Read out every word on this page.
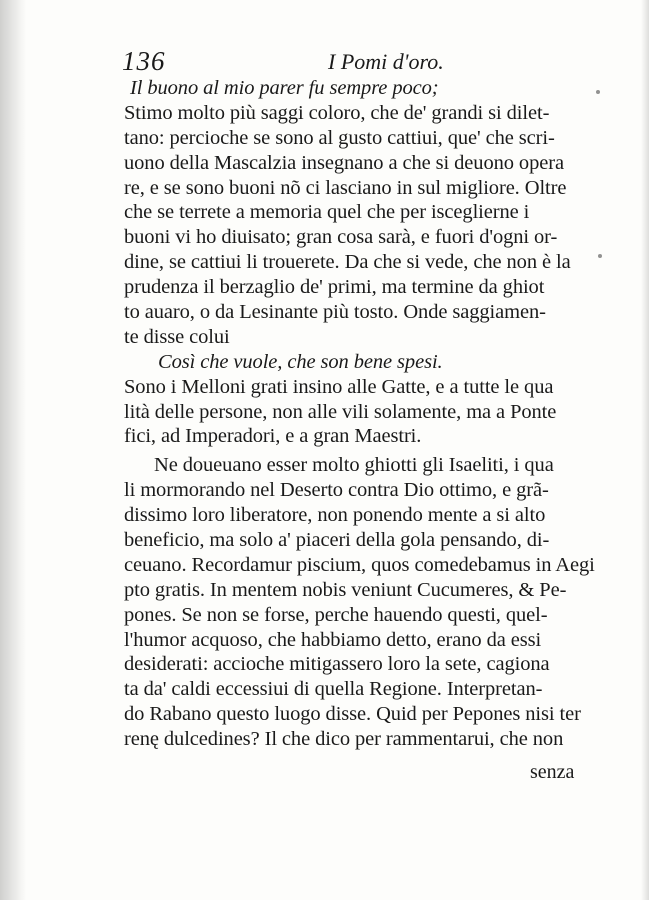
136	I Pomi d'oro.
Il buono al mio parer fu sempre poco;
Stimo molto più saggi coloro, che de' grandi si dilet-
tano: percioche se sono al gusto cattiui, que' che scri-
uono della Mascalzia insegnano a che si deuono opera
re, e se sono buoni nõ ci lasciano in sul migliore. Oltre
che se terrete a memoria quel che per isceglierne i
buoni vi ho diuisato; gran cosa sarà, e fuori d'ogni or-
dine, se cattiui li trouerete. Da che si vede, che non è la
prudenza il berzaglio de' primi, ma termine da ghiot
to auaro, o da Lesinante più tosto. Onde saggiamen-
te disse colui
Così che vuole, che son bene spesi.
Sono i Melloni grati insino alle Gatte, e a tutte le qua
lità delle persone, non alle vili solamente, ma a Ponte
fici, ad Imperadori, e a gran Maestri.
Ne doueuano esser molto ghiotti gli Isaeliti, i qua
li mormorando nel Deserto contra Dio ottimo, e grã-
dissimo loro liberatore, non ponendo mente a si alto
beneficio, ma solo a' piaceri della gola pensando, di-
ceuano. Recordamur piscium, quos comedebamus in Aegi
pto gratis. In mentem nobis veniunt Cucumeres, & Pe-
pones. Se non se forse, perche hauendo questi, quel-
l'humor acquoso, che habbiamo detto, erano da essi
desiderati: accioche mitigassero loro la sete, cagiona
ta da' caldi eccessiui di quella Regione. Interpretan-
do Rabano questo luogo disse. Quid per Pepones nisi ter
renę dulcedines? Il che dico per rammentarui, che non
senza
